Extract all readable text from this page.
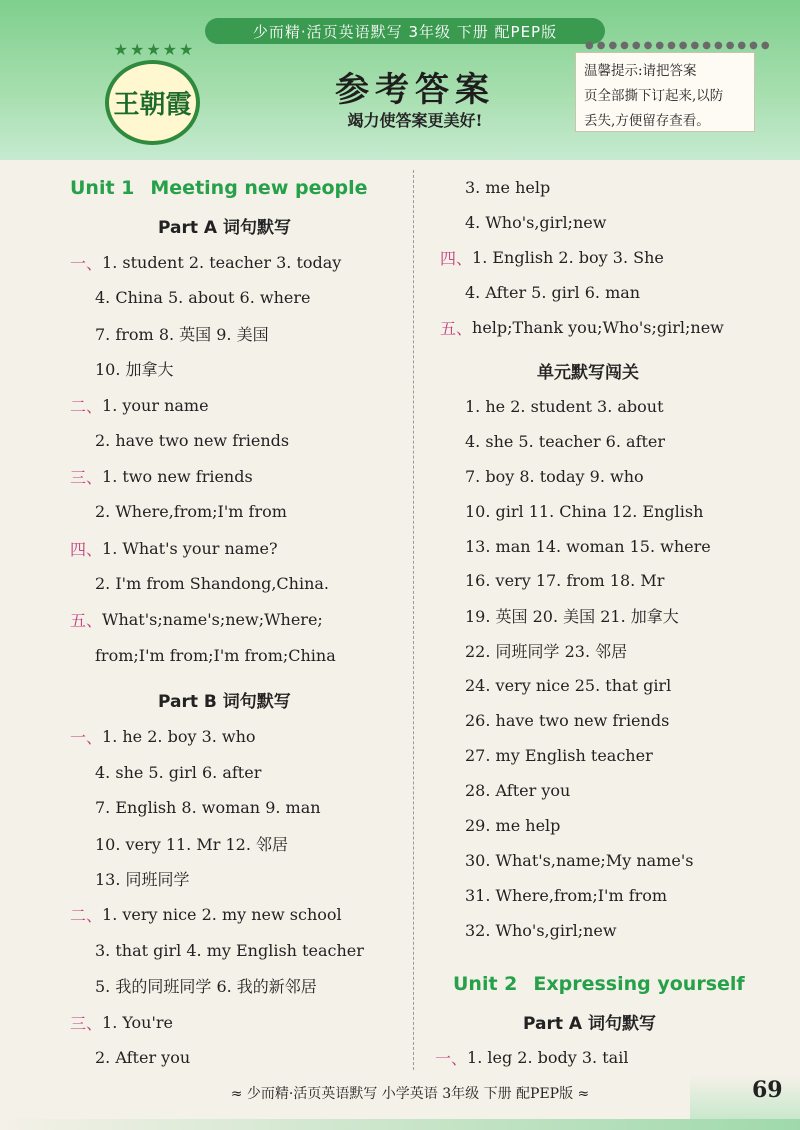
少而精·活页英语默写 3年级 下册 配PEP版
★★★★★
王朝霞	参考答案
竭力使答案更美好!
●●●●●●●●●●●●●●●●
温馨提示:请把答案
页全部撕下订起来,以防
丢失,方便留存查看。
Unit 1 Meeting new people
Part A 词句默写
一、 1. student 2. teacher 3. today
4. China 5. about 6. where
7. from 8. 英国 9. 美国
10. 加拿大
二、 1. your name
2. have two new friends
三、 1. two new friends
2. Where,from;I'm from
四、 1. What's your name?
2. I'm from Shandong,China.
五、 What's;name's;new;Where;
from;I'm from;I'm from;China
Part B 词句默写
一、 1. he 2. boy 3. who
4. she 5. girl 6. after
7. English 8. woman 9. man
10. very 11. Mr 12. 邻居
13. 同班同学
二、 1. very nice 2. my new school
3. that girl 4. my English teacher
5. 我的同班同学 6. 我的新邻居
三、 1. You're
2. After you
3. me help
4. Who's,girl;new
四、 1. English 2. boy 3. She
4. After 5. girl 6. man
五、 help;Thank you;Who's;girl;new
单元默写闯关
1. he 2. student 3. about
4. she 5. teacher 6. after
7. boy 8. today 9. who
10. girl 11. China 12. English
13. man 14. woman 15. where
16. very 17. from 18. Mr
19. 英国 20. 美国 21. 加拿大
22. 同班同学 23. 邻居
24. very nice 25. that girl
26. have two new friends
27. my English teacher
28. After you
29. me help
30. What's,name;My name's
31. Where,from;I'm from
32. Who's,girl;new
Unit 2 Expressing yourself
Part A 词句默写
一、 1. leg 2. body 3. tail
≈ 少而精·活页英语默写 小学英语 3年级 下册 配PEP版 ≈	69
